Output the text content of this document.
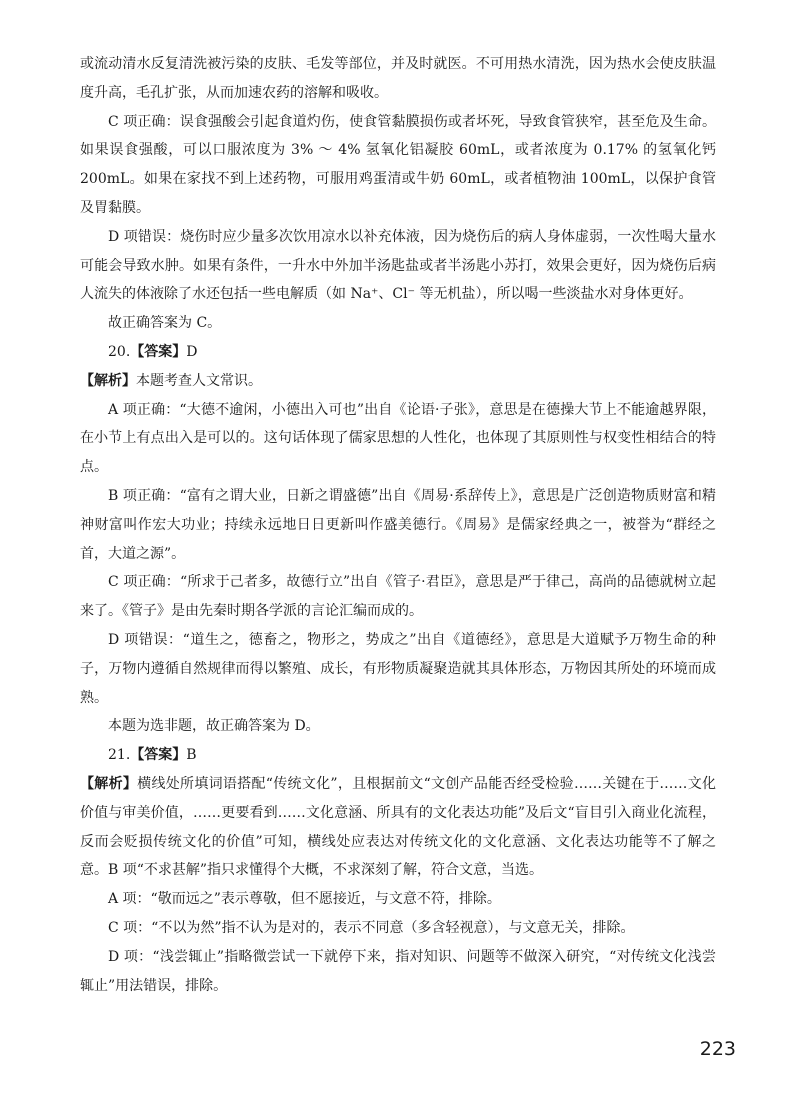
或流动清水反复清洗被污染的皮肤、毛发等部位，并及时就医。不可用热水清洗，因为热水会使皮肤温度升高，毛孔扩张，从而加速农药的溶解和吸收。

C 项正确：误食强酸会引起食道灼伤，使食管黏膜损伤或者坏死，导致食管狭窄，甚至危及生命。如果误食强酸，可以口服浓度为 3% ～ 4% 氢氧化铝凝胶 60mL，或者浓度为 0.17% 的氢氧化钙 200mL。如果在家找不到上述药物，可服用鸡蛋清或牛奶 60mL，或者植物油 100mL，以保护食管及胃黏膜。

D 项错误：烧伤时应少量多次饮用凉水以补充体液，因为烧伤后的病人身体虚弱，一次性喝大量水可能会导致水肿。如果有条件，一升水中外加半汤匙盐或者半汤匙小苏打，效果会更好，因为烧伤后病人流失的体液除了水还包括一些电解质（如 Na⁺、Cl⁻ 等无机盐），所以喝一些淡盐水对身体更好。

故正确答案为 C。

20.【答案】D

【解析】本题考查人文常识。

A 项正确：“大德不逾闲，小德出入可也”出自《论语·子张》，意思是在德操大节上不能逾越界限，在小节上有点出入是可以的。这句话体现了儒家思想的人性化，也体现了其原则性与权变性相结合的特点。

B 项正确：“富有之谓大业，日新之谓盛德”出自《周易·系辞传上》，意思是广泛创造物质财富和精神财富叫作宏大功业；持续永远地日日更新叫作盛美德行。《周易》是儒家经典之一，被誉为“群经之首，大道之源”。

C 项正确：“所求于己者多，故德行立”出自《管子·君臣》，意思是严于律己，高尚的品德就树立起来了。《管子》是由先秦时期各学派的言论汇编而成的。

D 项错误：“道生之，德畜之，物形之，势成之”出自《道德经》，意思是大道赋予万物生命的种子，万物内遵循自然规律而得以繁殖、成长，有形物质凝聚造就其具体形态，万物因其所处的环境而成熟。

本题为选非题，故正确答案为 D。

21.【答案】B

【解析】横线处所填词语搭配“传统文化”，且根据前文“文创产品能否经受检验……关键在于……文化价值与审美价值，……更要看到……文化意涵、所具有的文化表达功能”及后文“盲目引入商业化流程，反而会贬损传统文化的价值”可知，横线处应表达对传统文化的文化意涵、文化表达功能等不了解之意。B 项“不求甚解”指只求懂得个大概，不求深刻了解，符合文意，当选。

A 项：“敬而远之”表示尊敬，但不愿接近，与文意不符，排除。

C 项：“不以为然”指不认为是对的，表示不同意（多含轻视意），与文意无关，排除。

D 项：“浅尝辄止”指略微尝试一下就停下来，指对知识、问题等不做深入研究，“对传统文化浅尝辄止”用法错误，排除。

223
